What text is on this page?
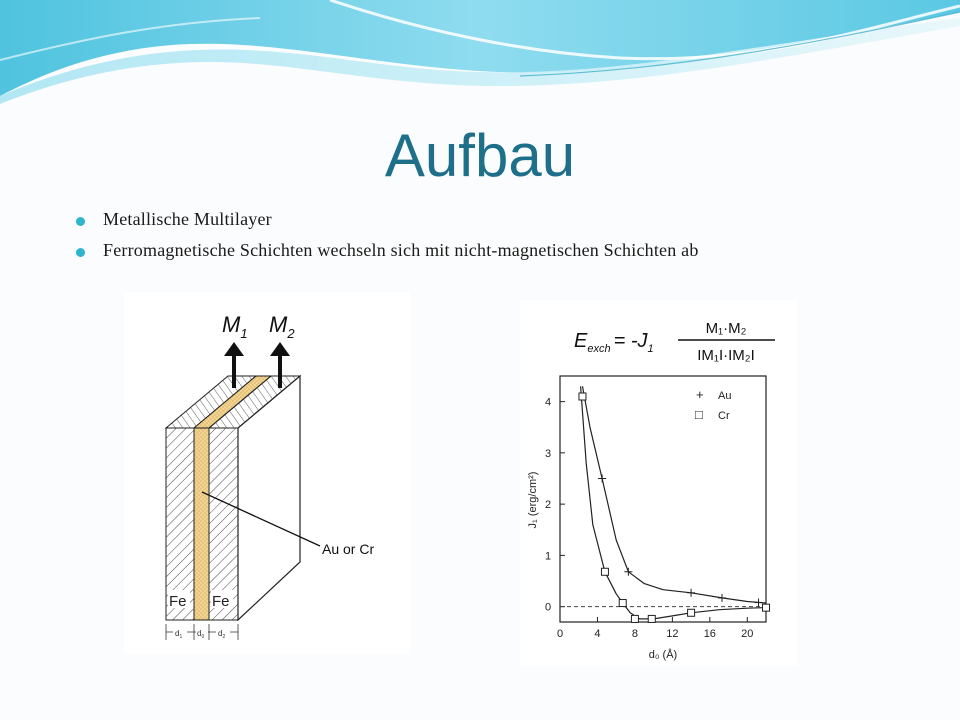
Aufbau
Metallische Multilayer
Ferromagnetische Schichten wechseln sich mit nicht-magnetischen Schichten ab
Fe Fe
$M_1$ $M_2$
Au or Cr
$d_1$ $d_0$ $d_2$
$E_{exch} = -J_1$
M₁·M₂
IM₁I·IM₂I
0	4	8	12 16 20
0
1
2
3
4
+ Au
□ Cr
d₀ (Å)
J₁ (erg/cm²)
